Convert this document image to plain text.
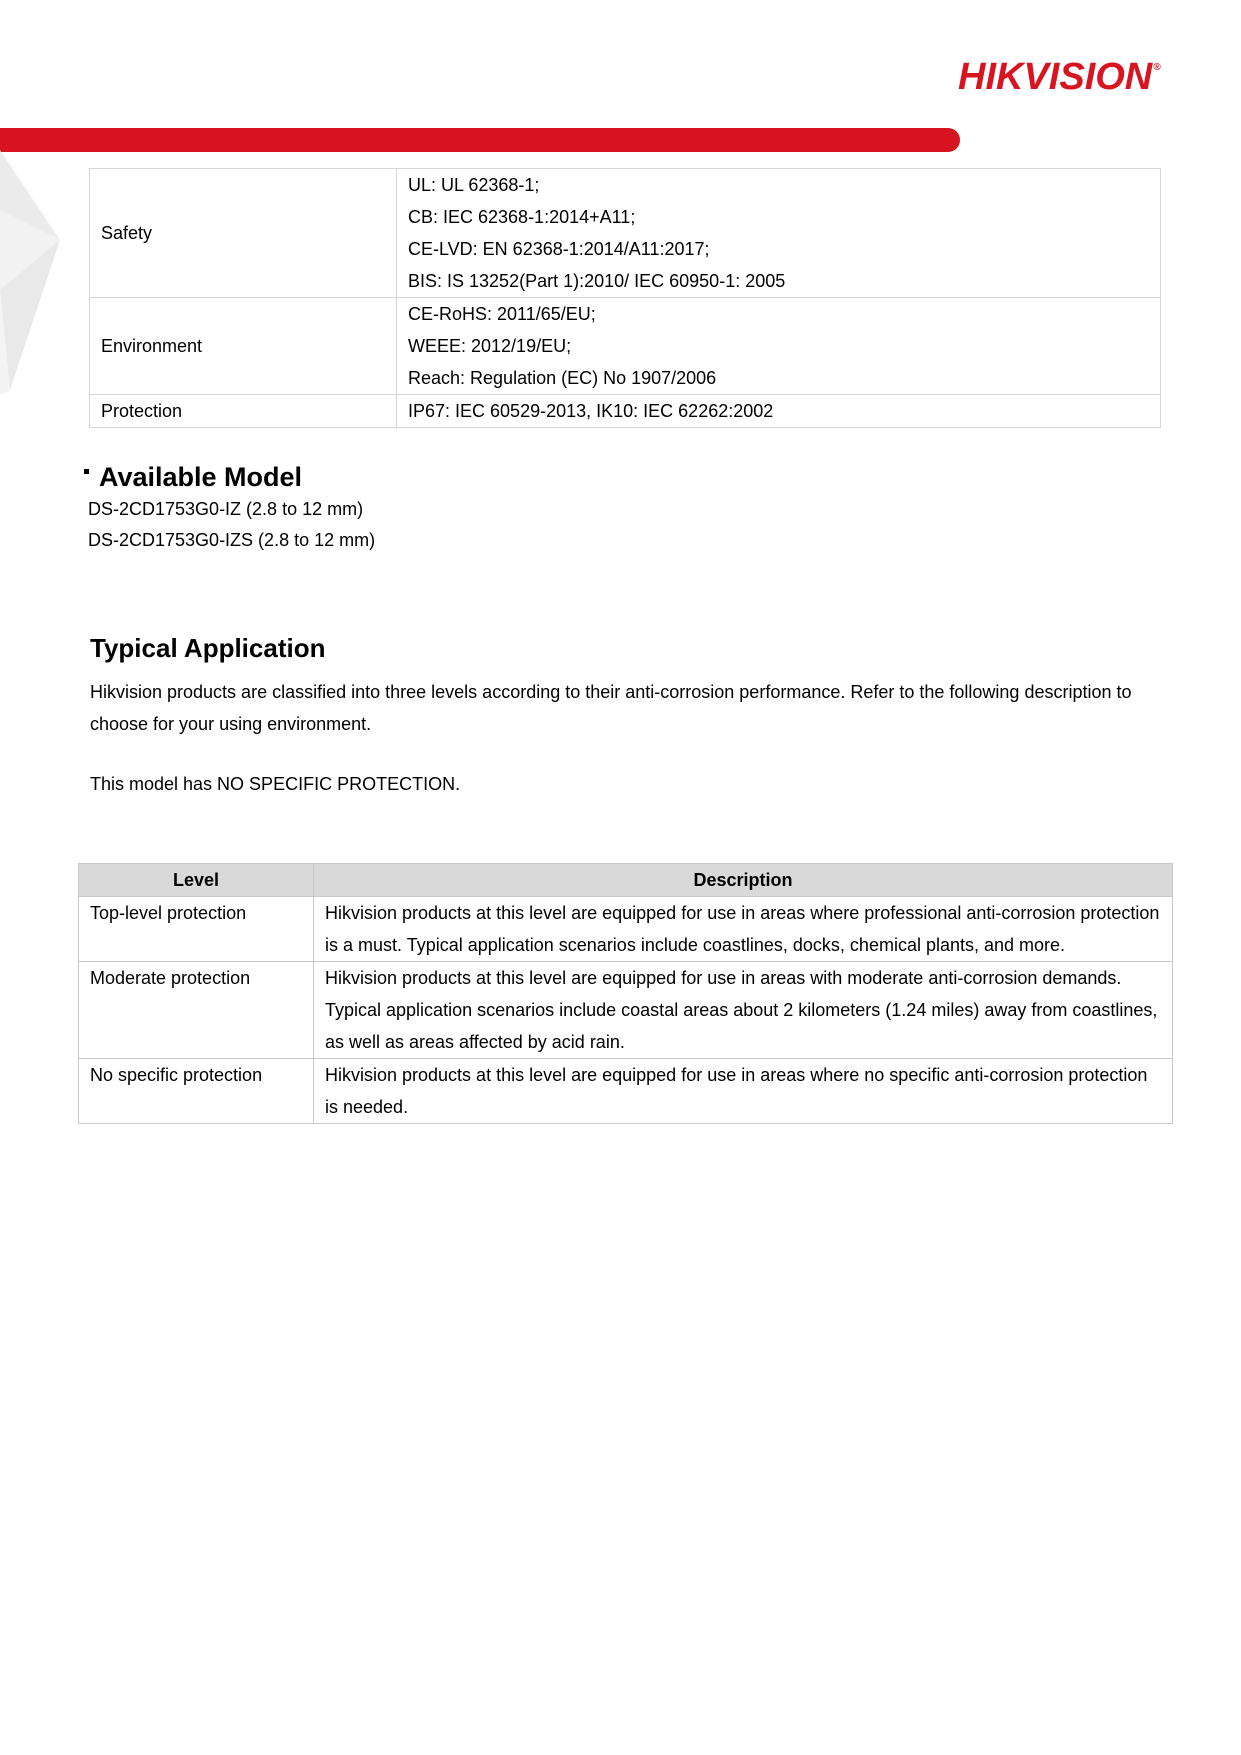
HIKVISION®
Safety	UL: UL 62368-1;
CB: IEC 62368-1:2014+A11;
CE-LVD: EN 62368-1:2014/A11:2017;
BIS: IS 13252(Part 1):2010/ IEC 60950-1: 2005

Environment	CE-RoHS: 2011/65/EU;
WEEE: 2012/19/EU;
Reach: Regulation (EC) No 1907/2006

Protection	IP67: IEC 60529-2013, IK10: IEC 62262:2002
Available Model
DS-2CD1753G0-IZ (2.8 to 12 mm)
DS-2CD1753G0-IZS (2.8 to 12 mm)
Typical Application

Hikvision products are classified into three levels according to their anti-corrosion performance. Refer to the following description to choose for your using environment.

This model has NO SPECIFIC PROTECTION.

Level	Description
Top-level protection	Hikvision products at this level are equipped for use in areas where professional anti-corrosion protection is a must. Typical application scenarios include coastlines, docks, chemical plants, and more.
Moderate protection	Hikvision products at this level are equipped for use in areas with moderate anti-corrosion demands. Typical application scenarios include coastal areas about 2 kilometers (1.24 miles) away from coastlines, as well as areas affected by acid rain.
No specific protection	Hikvision products at this level are equipped for use in areas where no specific anti-corrosion protection is needed.
